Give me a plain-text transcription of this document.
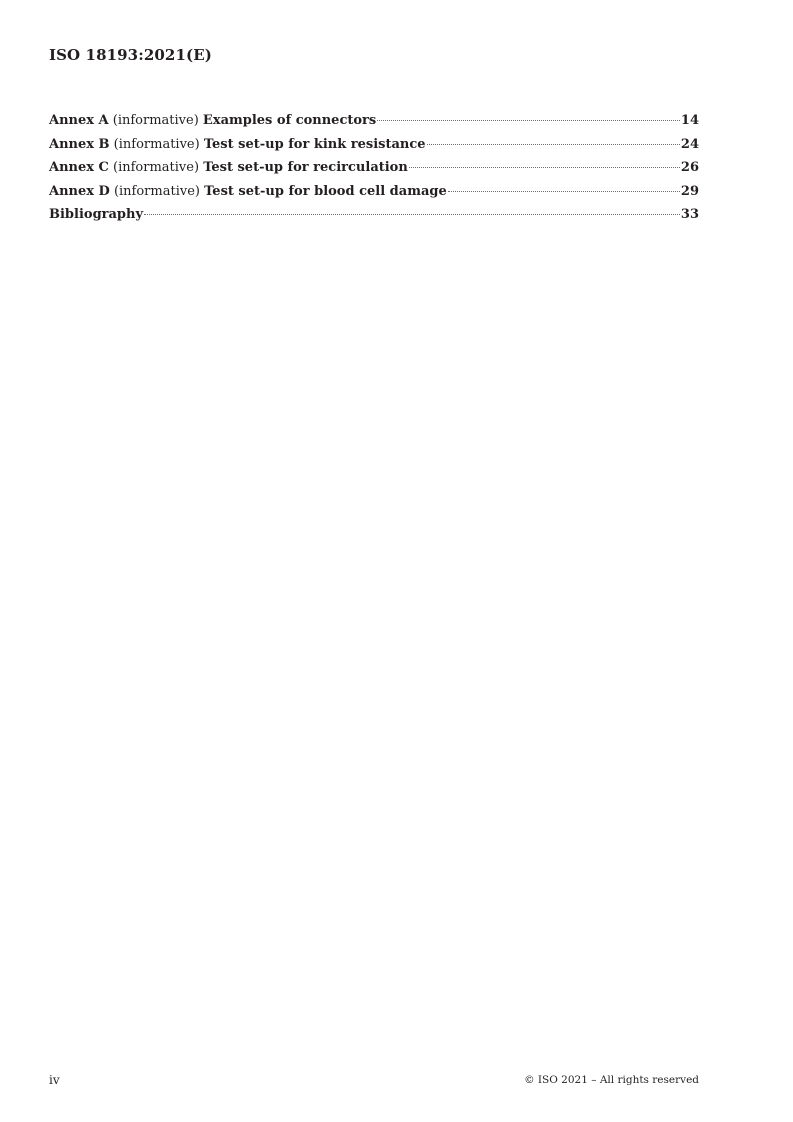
ISO 18193:2021(E)
Annex A (informative) Examples of connectors	14
Annex B (informative) Test set-up for kink resistance	24
Annex C (informative) Test set-up for recirculation	26
Annex D (informative) Test set-up for blood cell damage	29
Bibliography	33
iv	© ISO 2021 – All rights reserved
